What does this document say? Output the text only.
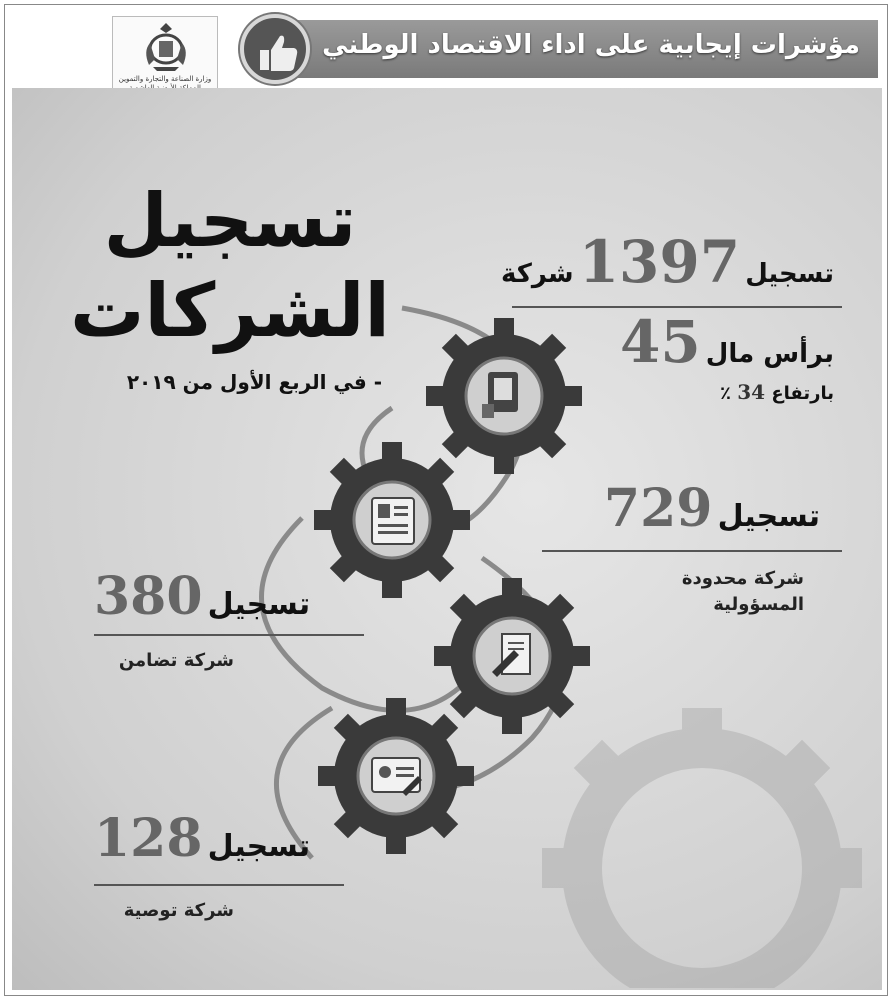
مؤشرات إيجابية على اداء الاقتصاد الوطني
وزارة الصناعة والتجارة والتموين
تسجيل
الشركات
- في الربع الأول من ٢٠١٩
تسجيل 1397 شركة
برأس مال 45
بارتفاع 34 ٪
تسجيل 729
شركة محدودة المسؤولية
تسجيل 380
شركة تضامن
تسجيل 128
شركة توصية
